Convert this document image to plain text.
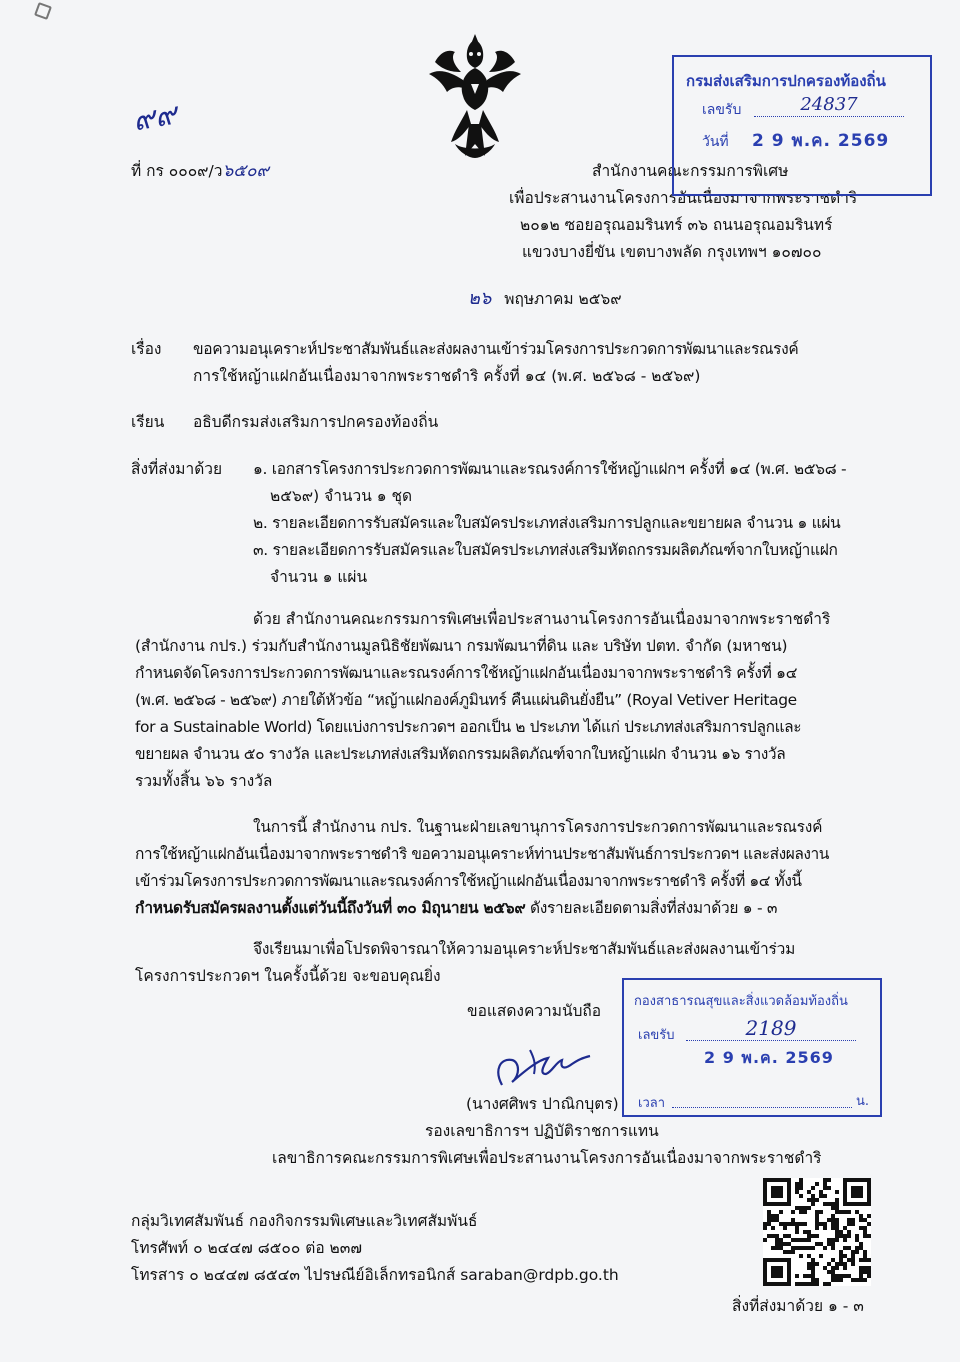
๙๙
ที่ กร ๐๐๐๙/ว๖๕๐๙	สำนักงานคณะกรรมการพิเศษ
เพื่อประสานงานโครงการอันเนื่องมาจากพระราชดำริ
๒๐๑๒ ซอยอรุณอมรินทร์ ๓๖ ถนนอรุณอมรินทร์
แขวงบางยี่ขัน เขตบางพลัด กรุงเทพฯ ๑๐๗๐๐
กรมส่งเสริมการปกครองท้องถิ่น
เลขรับ	24837
วันที่ 2 9 พ.ค. 2569
๒๖ พฤษภาคม ๒๕๖๙
เรื่อง ขอความอนุเคราะห์ประชาสัมพันธ์และส่งผลงานเข้าร่วมโครงการประกวดการพัฒนาและรณรงค์
การใช้หญ้าแฝกอันเนื่องมาจากพระราชดำริ ครั้งที่ ๑๔ (พ.ศ. ๒๕๖๘ - ๒๕๖๙)
เรียน อธิบดีกรมส่งเสริมการปกครองท้องถิ่น
สิ่งที่ส่งมาด้วย ๑. เอกสารโครงการประกวดการพัฒนาและรณรงค์การใช้หญ้าแฝกฯ ครั้งที่ ๑๔ (พ.ศ. ๒๕๖๘ -
๒๕๖๙) จำนวน ๑ ชุด
๒. รายละเอียดการรับสมัครและใบสมัครประเภทส่งเสริมการปลูกและขยายผล จำนวน ๑ แผ่น
๓. รายละเอียดการรับสมัครและใบสมัครประเภทส่งเสริมหัตถกรรมผลิตภัณฑ์จากใบหญ้าแฝก
จำนวน ๑ แผ่น
ด้วย สำนักงานคณะกรรมการพิเศษเพื่อประสานงานโครงการอันเนื่องมาจากพระราชดำริ
(สำนักงาน กปร.) ร่วมกับสำนักงานมูลนิธิชัยพัฒนา กรมพัฒนาที่ดิน และ บริษัท ปตท. จำกัด (มหาชน)
กำหนดจัดโครงการประกวดการพัฒนาและรณรงค์การใช้หญ้าแฝกอันเนื่องมาจากพระราชดำริ ครั้งที่ ๑๔
(พ.ศ. ๒๕๖๘ - ๒๕๖๙) ภายใต้หัวข้อ “หญ้าแฝกองค์ภูมินทร์ คืนแผ่นดินยั่งยืน” (Royal Vetiver Heritage
for a Sustainable World) โดยแบ่งการประกวดฯ ออกเป็น ๒ ประเภท ได้แก่ ประเภทส่งเสริมการปลูกและ
ขยายผล จำนวน ๕๐ รางวัล และประเภทส่งเสริมหัตถกรรมผลิตภัณฑ์จากใบหญ้าแฝก จำนวน ๑๖ รางวัล
รวมทั้งสิ้น ๖๖ รางวัล
ในการนี้ สำนักงาน กปร. ในฐานะฝ่ายเลขานุการโครงการประกวดการพัฒนาและรณรงค์
การใช้หญ้าแฝกอันเนื่องมาจากพระราชดำริ ขอความอนุเคราะห์ท่านประชาสัมพันธ์การประกวดฯ และส่งผลงาน
เข้าร่วมโครงการประกวดการพัฒนาและรณรงค์การใช้หญ้าแฝกอันเนื่องมาจากพระราชดำริ ครั้งที่ ๑๔ ทั้งนี้
กำหนดรับสมัครผลงานตั้งแต่วันนี้ถึงวันที่ ๓๐ มิถุนายน ๒๕๖๙ ดังรายละเอียดตามสิ่งที่ส่งมาด้วย ๑ - ๓
จึงเรียนมาเพื่อโปรดพิจารณาให้ความอนุเคราะห์ประชาสัมพันธ์และส่งผลงานเข้าร่วม
โครงการประกวดฯ ในครั้งนี้ด้วย จะขอบคุณยิ่ง
ขอแสดงความนับถือ
(นางศศิพร ปาณิกบุตร)
รองเลขาธิการฯ ปฏิบัติราชการแทน
เลขาธิการคณะกรรมการพิเศษเพื่อประสานงานโครงการอันเนื่องมาจากพระราชดำริ
กองสาธารณสุขและสิ่งแวดล้อมท้องถิ่น
เลขรับ	2189
2 9 พ.ค. 2569
เวลา	น.
กลุ่มวิเทศสัมพันธ์ กองกิจกรรมพิเศษและวิเทศสัมพันธ์
โทรศัพท์ ๐ ๒๔๔๗ ๘๕๐๐ ต่อ ๒๓๗
โทรสาร ๐ ๒๔๔๗ ๘๕๔๓ ไปรษณีย์อิเล็กทรอนิกส์ saraban@rdpb.go.th
สิ่งที่ส่งมาด้วย ๑ - ๓
